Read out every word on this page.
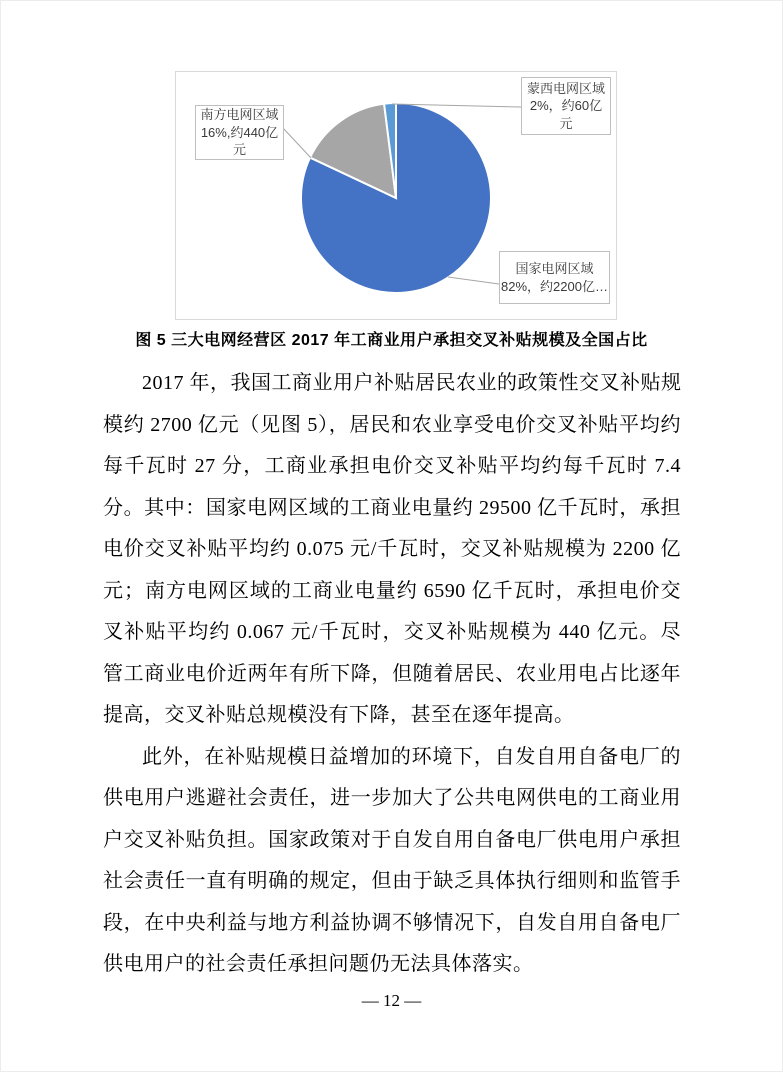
南方电网区域
16%,约440亿
元
蒙西电网区域
2%，约60亿
元
国家电网区域
82%，约2200亿…
图 5 三大电网经营区 2017 年工商业用户承担交叉补贴规模及全国占比
2017 年，我国工商业用户补贴居民农业的政策性交叉补贴规
模约 2700 亿元（见图 5），居民和农业享受电价交叉补贴平均约
每千瓦时 27 分，工商业承担电价交叉补贴平均约每千瓦时 7.4
分。其中：国家电网区域的工商业电量约 29500 亿千瓦时，承担
电价交叉补贴平均约 0.075 元/千瓦时，交叉补贴规模为 2200 亿
元；南方电网区域的工商业电量约 6590 亿千瓦时，承担电价交
叉补贴平均约 0.067 元/千瓦时，交叉补贴规模为 440 亿元。尽
管工商业电价近两年有所下降，但随着居民、农业用电占比逐年
提高，交叉补贴总规模没有下降，甚至在逐年提高。
此外，在补贴规模日益增加的环境下，自发自用自备电厂的
供电用户逃避社会责任，进一步加大了公共电网供电的工商业用
户交叉补贴负担。国家政策对于自发自用自备电厂供电用户承担
社会责任一直有明确的规定，但由于缺乏具体执行细则和监管手
段，在中央利益与地方利益协调不够情况下，自发自用自备电厂
供电用户的社会责任承担问题仍无法具体落实。
— 12 —
